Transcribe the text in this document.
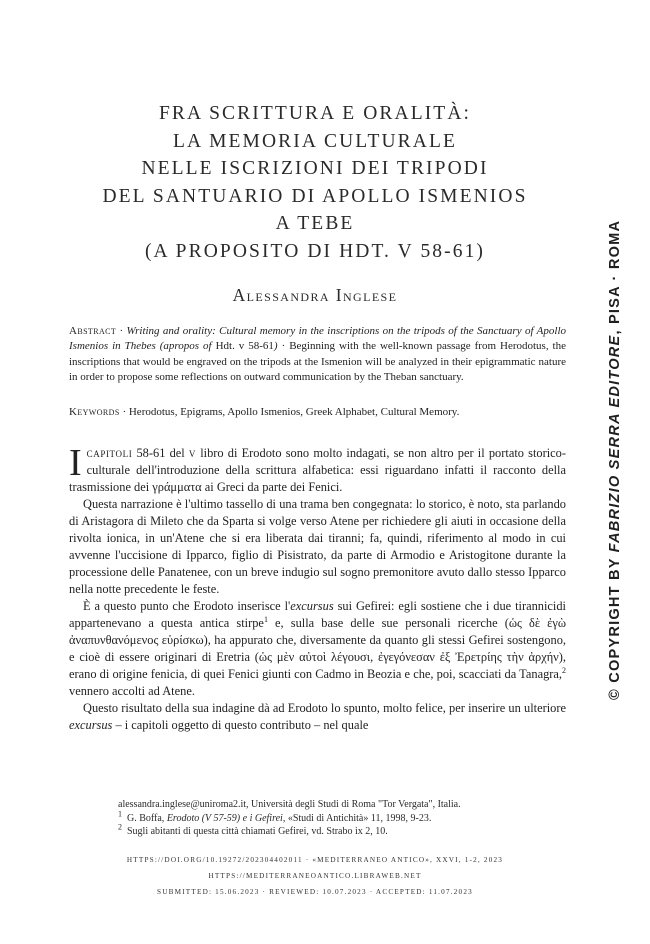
FRA SCRITTURA E ORALITÀ:
LA MEMORIA CULTURALE
NELLE ISCRIZIONI DEI TRIPODI
DEL SANTUARIO DI APOLLO ISMENIOS
A TEBE
(A PROPOSITO DI HDT. V 58-61)
Alessandra Inglese
Abstract · Writing and orality: Cultural memory in the inscriptions on the tripods of the Sanctuary of Apollo Ismenios in Thebes (apropos of Hdt. v 58-61) · Beginning with the well-known passage from Herodotus, the inscriptions that would be engraved on the tripods at the Ismenion will be analyzed in their epigrammatic nature in order to propose some reflections on outward communication by the Theban sanctuary.
Keywords · Herodotus, Epigrams, Apollo Ismenios, Greek Alphabet, Cultural Memory.

Icapitoli 58-61 del v libro di Erodoto sono molto indagati, se non altro per il portato storico-culturale dell'introduzione della scrittura alfabetica: essi riguardano infatti il racconto della trasmissione dei γράμματα ai Greci da parte dei Fenici.

Questa narrazione è l'ultimo tassello di una trama ben congegnata: lo storico, è noto, sta parlando di Aristagora di Mileto che da Sparta si volge verso Atene per richiedere gli aiuti in occasione della rivolta ionica, in un'Atene che si era liberata dai tiranni; fa, quindi, riferimento al modo in cui avvenne l'uccisione di Ipparco, figlio di Pisistrato, da parte di Armodio e Aristogitone durante la processione delle Panatenee, con un breve indugio sul sogno premonitore avuto dallo stesso Ipparco nella notte precedente le feste.

È a questo punto che Erodoto inserisce l'excursus sui Gefirei: egli sostiene che i due tirannicidi appartenevano a questa antica stirpe$^1$ e, sulla base delle sue personali ricerche (ὡς δὲ ἐγὼ ἀναπυνθανόμενος εὑρίσκω), ha appurato che, diversamente da quanto gli stessi Gefirei sostengono, e cioè di essere originari di Eretria (ὡς μὲν αὐτοὶ λέγουσι, ἐγεγόνεσαν ἐξ Ἐρετρίης τὴν ἀρχήν), erano di origine fenicia, di quei Fenici giunti con Cadmo in Beozia e che, poi, scacciati da Tanagra,$^2$ vennero accolti ad Atene.

Questo risultato della sua indagine dà ad Erodoto lo spunto, molto felice, per inserire un ulteriore excursus – i capitoli oggetto di questo contributo – nel quale

alessandra.inglese@uniroma2.it, Università degli Studi di Roma "Tor Vergata", Italia.
$^1$ G. Boffa, Erodoto (V 57-59) e i Gefirei, «Studi di Antichità» 11, 1998, 9-23.
$^2$ Sugli abitanti di questa città chiamati Gefirei, vd. Strabo ix 2, 10.
HTTPS://DOI.ORG/10.19272/202304402011 · «MEDITERRANEO ANTICO», XXVI, 1-2, 2023
HTTPS://MEDITERRANEOANTICO.LIBRAWEB.NET
SUBMITTED: 15.06.2023 · REVIEWED: 10.07.2023 · ACCEPTED: 11.07.2023
© COPYRIGHT BY FABRIZIO SERRA EDITORE, PISA · ROMA
